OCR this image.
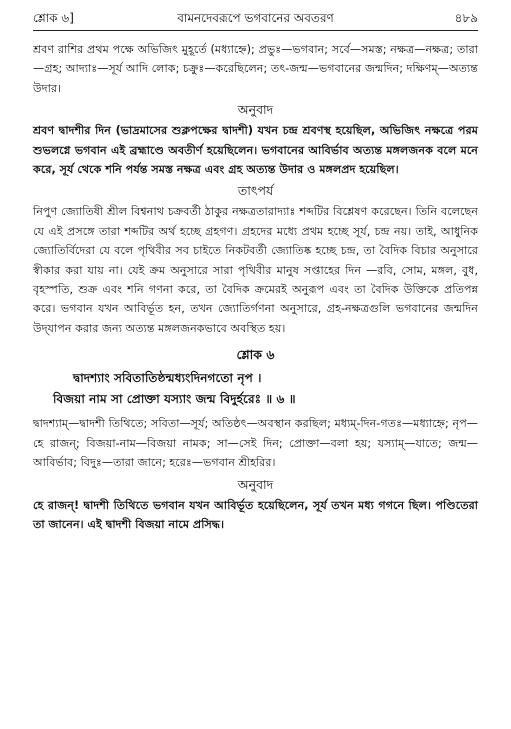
শ্লোক ৬]	বামনদেবরূপে ভগবানের অবতরণ	৪৮৯

শ্রবণ রাশির প্রথম পক্ষে অভিজিৎ মুহূর্তে (মধ্যাহ্নে); প্রভুঃ—ভগবান; সর্বে—সমস্ত; নক্ষত্র—নক্ষত্র; তারা—গ্রহ; আদ্যাঃ—সূর্য আদি লোক; চক্রুঃ—করেছিলেন; তৎ-জন্ম—ভগবানের জন্মদিন; দক্ষিণম্—অত্যন্ত উদার।

অনুবাদ

শ্রবণ দ্বাদশীর দিন (ভাদ্রমাসের শুক্লপক্ষের দ্বাদশী) যখন চন্দ্র শ্রবণস্থ হয়েছিল, অভিজিৎ নক্ষত্রে পরম শুভলগ্নে ভগবান এই ব্রহ্মাণ্ডে অবতীর্ণ হয়েছিলেন। ভগবানের আবির্ভাব অত্যন্ত মঙ্গলজনক বলে মনে করে, সূর্য থেকে শনি পর্যন্ত সমস্ত নক্ষত্র এবং গ্রহ অত্যন্ত উদার ও মঙ্গলপ্রদ হয়েছিল।

তাৎপর্য

নিপুণ জ্যোতিষী শ্রীল বিশ্বনাথ চক্রবর্তী ঠাকুর নক্ষত্রতারাদ্যাঃ শব্দটির বিশ্লেষণ করেছেন। তিনি বলেছেন যে এই প্রসঙ্গে তারা শব্দটির অর্থ হচ্ছে গ্রহগণ। গ্রহদের মধ্যে প্রথম হচ্ছে সূর্য, চন্দ্র নয়। তাই, আধুনিক জ্যোতির্বিদেরা যে বলে পৃথিবীর সব চাইতে নিকটবর্তী জ্যোতিষ্ক হচ্ছে চন্দ্র, তা বৈদিক বিচার অনুসারে স্বীকার করা যায় না। যেই ক্রম অনুসারে সারা পৃথিবীর মানুষ সপ্তাহের দিন —রবি, সোম, মঙ্গল, বুধ, বৃহস্পতি, শুক্র এবং শনি গণনা করে, তা বৈদিক ক্রমেরই অনুরূপ এবং তা বৈদিক উক্তিকে প্রতিপন্ন করে। ভগবান যখন আবির্ভূত হন, তখন জ্যোতির্গণনা অনুসারে, গ্রহ-নক্ষত্রগুলি ভগবানের জন্মদিন উদ্‌যাপন করার জন্য অত্যন্ত মঙ্গলজনকভাবে অবস্থিত হয়।

শ্লোক ৬
দ্বাদশ্যাং সবিতাতিষ্ঠন্মধ্যংদিনগতো নৃপ ।
বিজয়া নাম সা প্রোক্তা যস্যাং জন্ম বিদুর্হরেঃ ॥ ৬ ॥

দ্বাদশ্যাম্—দ্বাদশী তিথিতে; সবিতা—সূর্য; অতিষ্ঠৎ—অবস্থান করছিল; মধ্যম্-দিন-গতঃ—মধ্যাহ্নে; নৃপ—হে রাজন্; বিজয়া-নাম—বিজয়া নামক; সা—সেই দিন; প্রোক্তা—বলা হয়; যস্যাম্—যাতে; জন্ম—আবির্ভাব; বিদুঃ—তারা জানে; হরেঃ—ভগবান শ্রীহরির।

অনুবাদ

হে রাজন্! দ্বাদশী তিথিতে ভগবান যখন আবির্ভূত হয়েছিলেন, সূর্য তখন মধ্য গগনে ছিল। পণ্ডিতেরা তা জানেন। এই দ্বাদশী বিজয়া নামে প্রসিদ্ধ।
